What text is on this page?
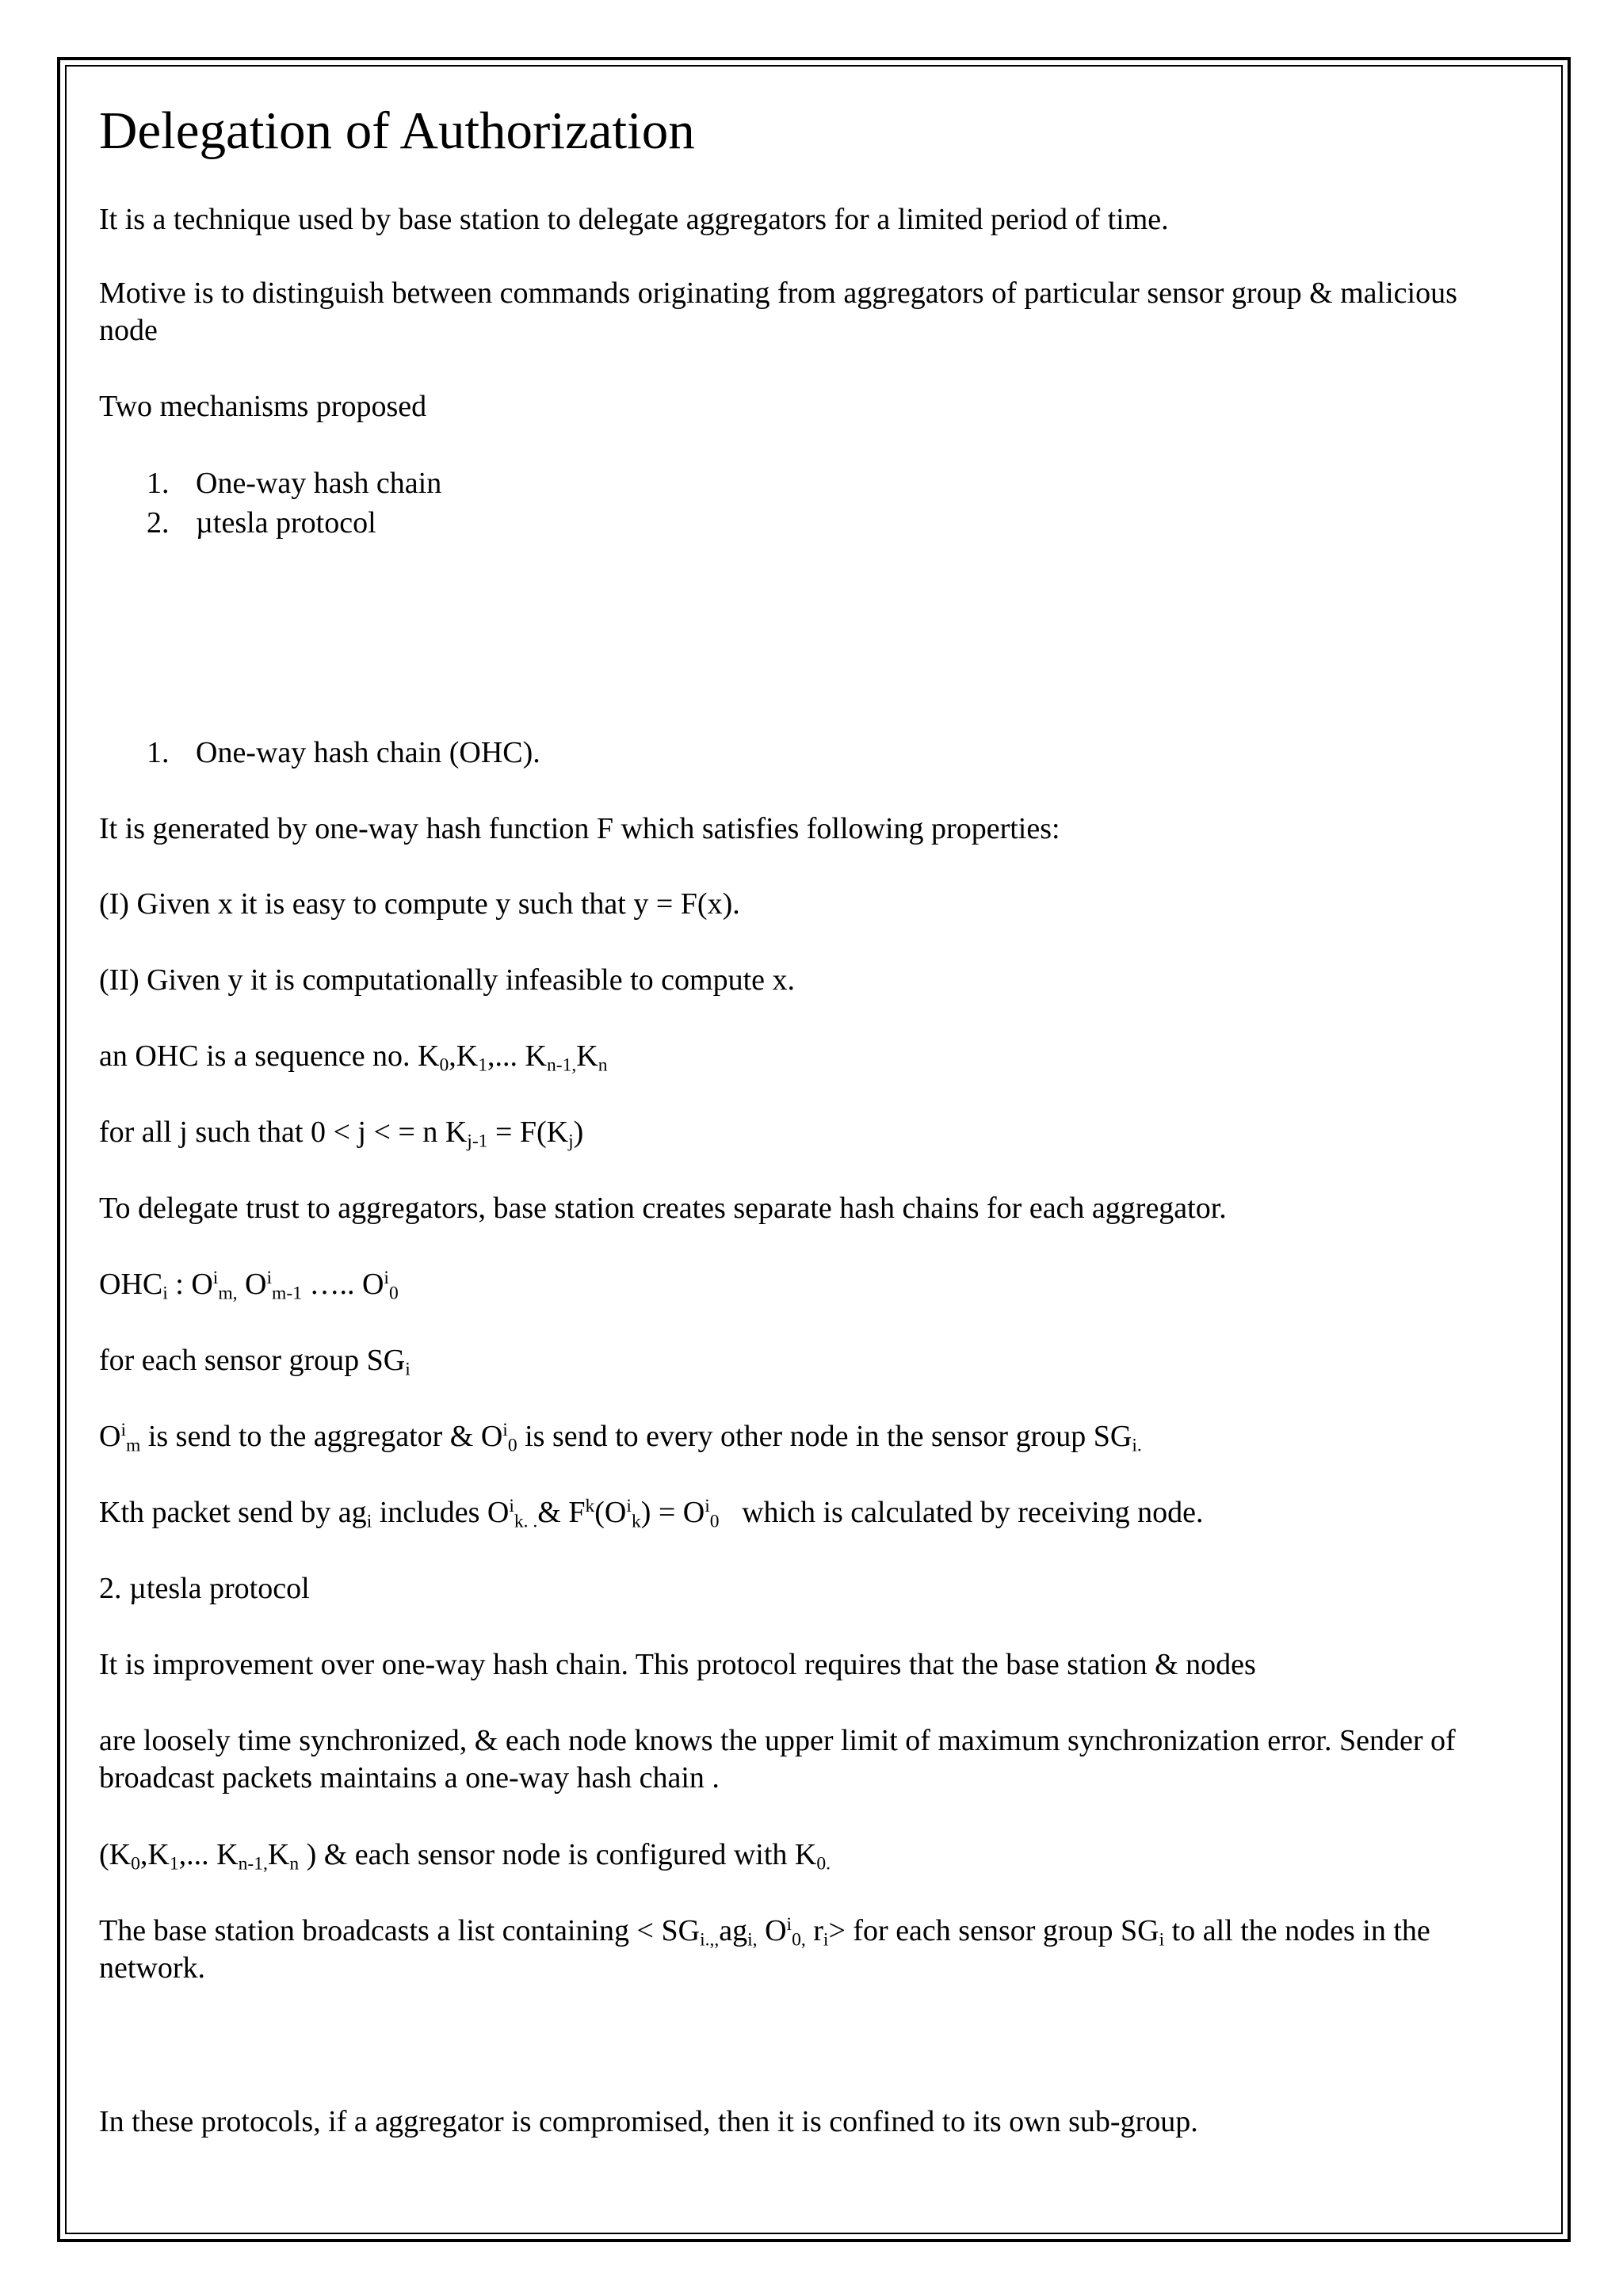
Delegation of Authorization

It is a technique used by base station to delegate aggregators for a limited period of time.

Motive is to distinguish between commands originating from aggregators of particular sensor group & malicious node

Two mechanisms proposed

1. One-way hash chain

2. µtesla protocol

1. One-way hash chain (OHC).

It is generated by one-way hash function F which satisfies following properties:

(I) Given x it is easy to compute y such that y = F(x).

(II) Given y it is computationally infeasible to compute x.

an OHC is a sequence no. $K_0,K_1$,... $K_{n-1,}K_n$

for all j such that 0 < j < = n $K_{j-1} = F(K_j)$

To delegate trust to aggregators, base station creates separate hash chains for each aggregator.

$OHC_i$ : $O^i_{m,}$ $O^i_{m-1}$ ….. $O^i_0$

for each sensor group $SG_i$

$O^i_m$ is send to the aggregator & $O^i_0$ is send to every other node in the sensor group $SG_{i.}$

Kth packet send by $ag_i$ includes $O^i_{k. .}\&$ $F^k(O^i_k) = O^i_0$ which is calculated by receiving node.

2. µtesla protocol

It is improvement over one-way hash chain. This protocol requires that the base station & nodes

are loosely time synchronized, & each node knows the upper limit of maximum synchronization error. Sender of broadcast packets maintains a one-way hash chain .

($K_0,K_1$,... $K_{n-1,}K_n$ ) & each sensor node is configured with $K_{0.}$

The base station broadcasts a list containing < $SG_{i.,,}ag_{i,}$ $O^i_{0,}$ $r_i>$ for each sensor group $SG_i$ to all the nodes in the network.

In these protocols, if a aggregator is compromised, then it is confined to its own sub-group.
